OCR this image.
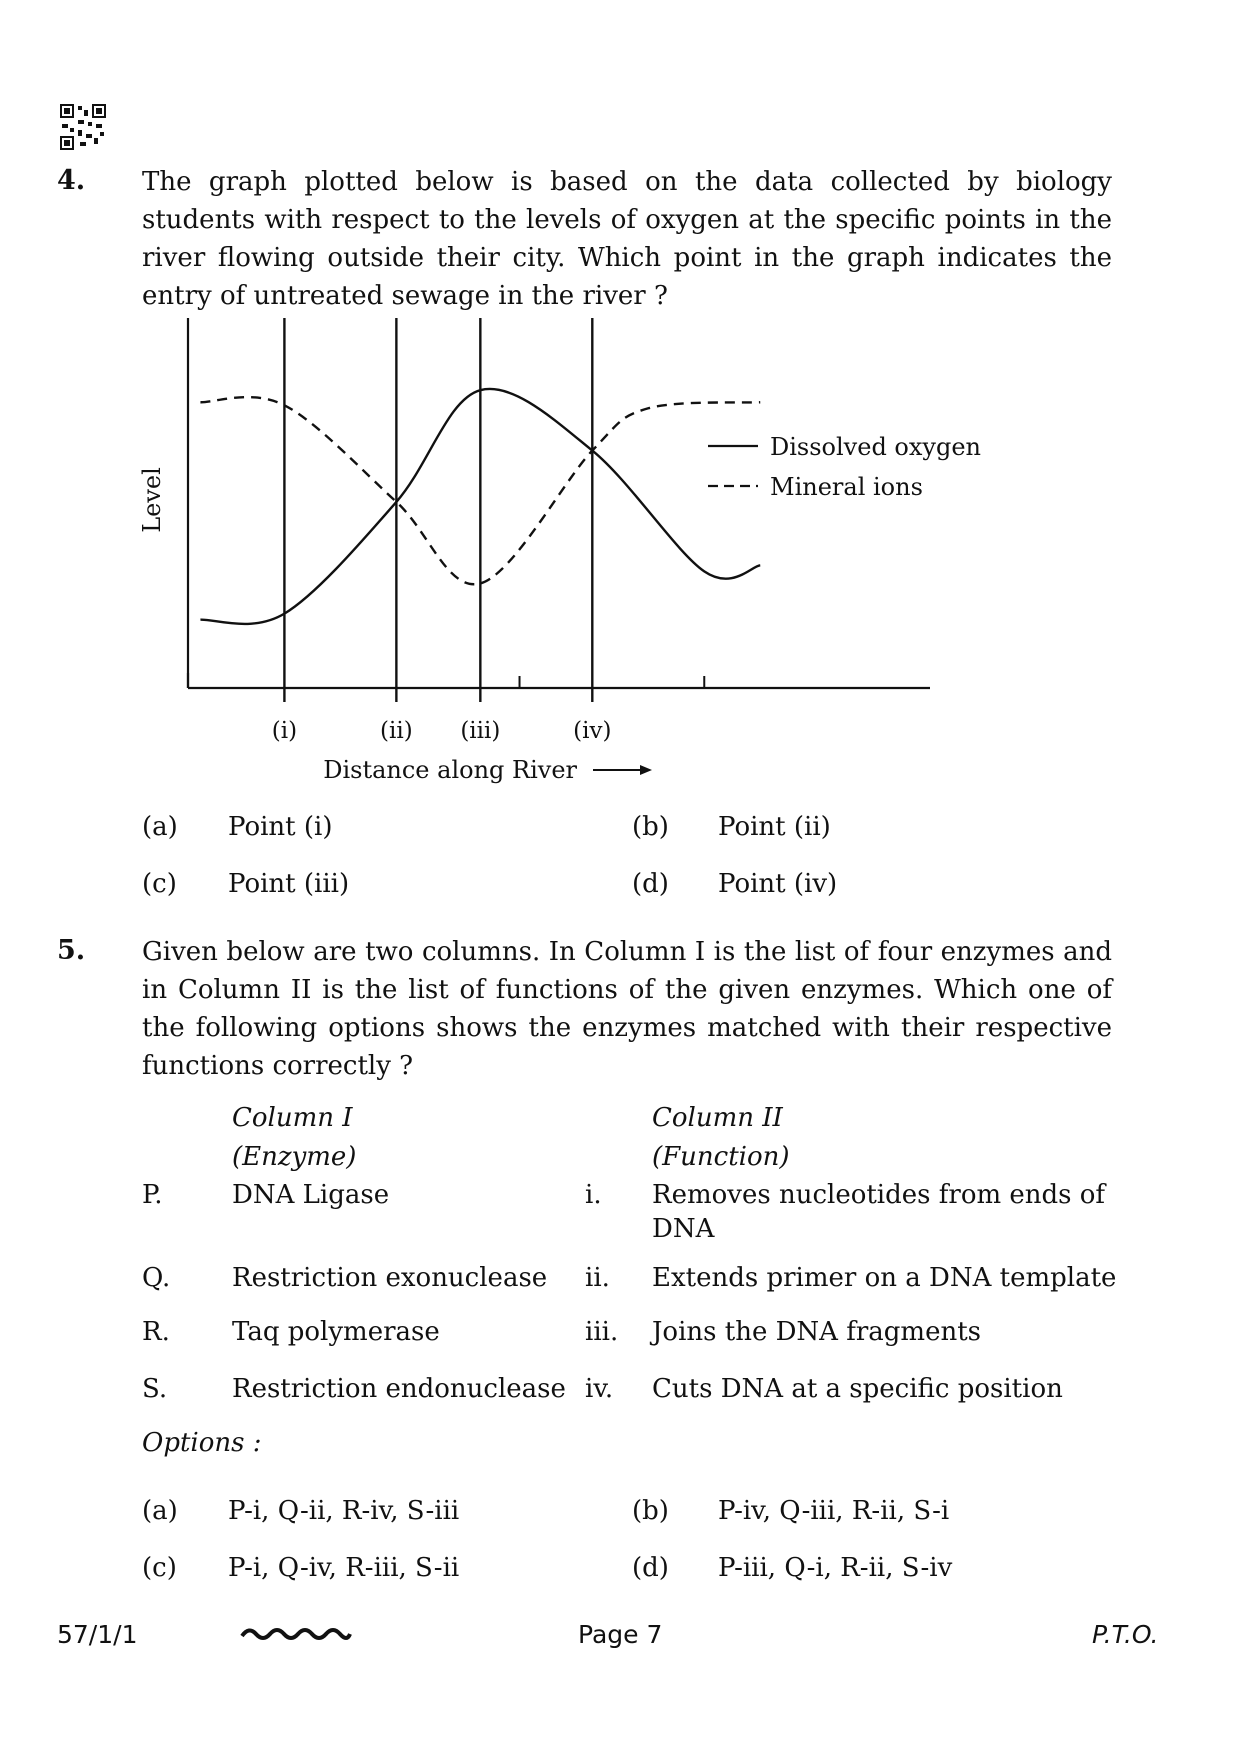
4. The graph plotted below is based on the data collected by biology students with respect to the levels of oxygen at the specific points in the river flowing outside their city. Which point in the graph indicates the entry of untreated sewage in the river ?
(i)	(ii) (iii)	(iv)
Level
Distance along River
Dissolved oxygen
Mineral ions
(a) Point (i)	(b) Point (ii)
(c) Point (iii)	(d) Point (iv)
5. Given below are two columns. In Column I is the list of four enzymes and in Column II is the list of functions of the given enzymes. Which one of the following options shows the enzymes matched with their respective functions correctly ?
Column I
(Enzyme)
Column II
(Function)
P.	DNA Ligase	i. Removes nucleotides from ends of DNA
Q. Restriction exonuclease	ii. Extends primer on a DNA template
R. Taq polymerase	iii. Joins the DNA fragments
S. Restriction endonuclease iv. Cuts DNA at a specific position
Options :
(a) P-i, Q-ii, R-iv, S-iii	(b) P-iv, Q-iii, R-ii, S-i
(c) P-i, Q-iv, R-iii, S-ii	(d) P-iii, Q-i, R-ii, S-iv
57/1/1	Page 7	P.T.O.
